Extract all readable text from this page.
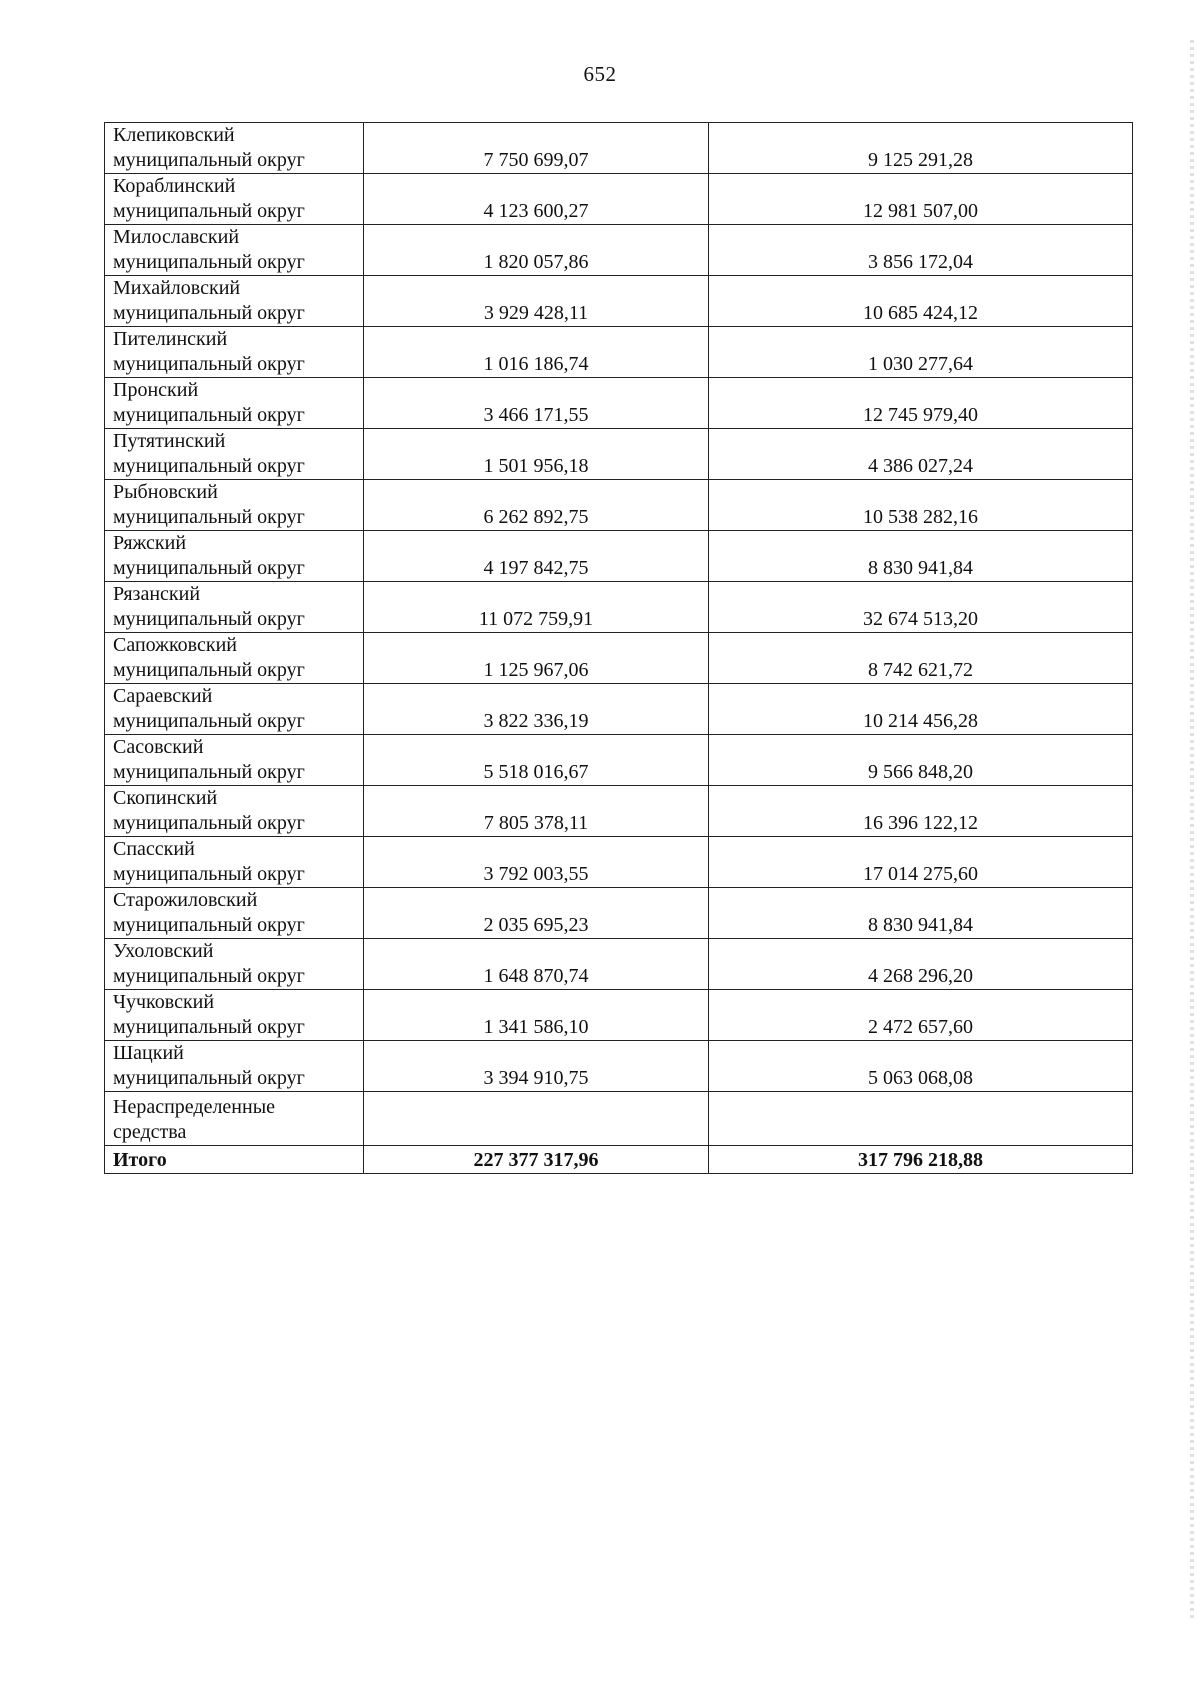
652
Клепиковский
муниципальный округ	7 750 699,07	9 125 291,28

Кораблинский
муниципальный округ	4 123 600,27	12 981 507,00

Милославский
муниципальный округ	1 820 057,86	3 856 172,04

Михайловский
муниципальный округ	3 929 428,11	10 685 424,12

Пителинский
муниципальный округ	1 016 186,74	1 030 277,64

Пронский
муниципальный округ	3 466 171,55	12 745 979,40

Путятинский
муниципальный округ	1 501 956,18	4 386 027,24

Рыбновский
муниципальный округ	6 262 892,75	10 538 282,16

Ряжский
муниципальный округ	4 197 842,75	8 830 941,84

Рязанский
муниципальный округ	11 072 759,91	32 674 513,20

Сапожковский
муниципальный округ	1 125 967,06	8 742 621,72

Сараевский
муниципальный округ	3 822 336,19	10 214 456,28

Сасовский
муниципальный округ	5 518 016,67	9 566 848,20

Скопинский
муниципальный округ	7 805 378,11	16 396 122,12

Спасский
муниципальный округ	3 792 003,55	17 014 275,60

Старожиловский
муниципальный округ	2 035 695,23	8 830 941,84

Ухоловский
муниципальный округ	1 648 870,74	4 268 296,20

Чучковский
муниципальный округ	1 341 586,10	2 472 657,60

Шацкий
муниципальный округ	3 394 910,75	5 063 068,08

Нераспределенные
средства		

Итого	227 377 317,96	317 796 218,88
